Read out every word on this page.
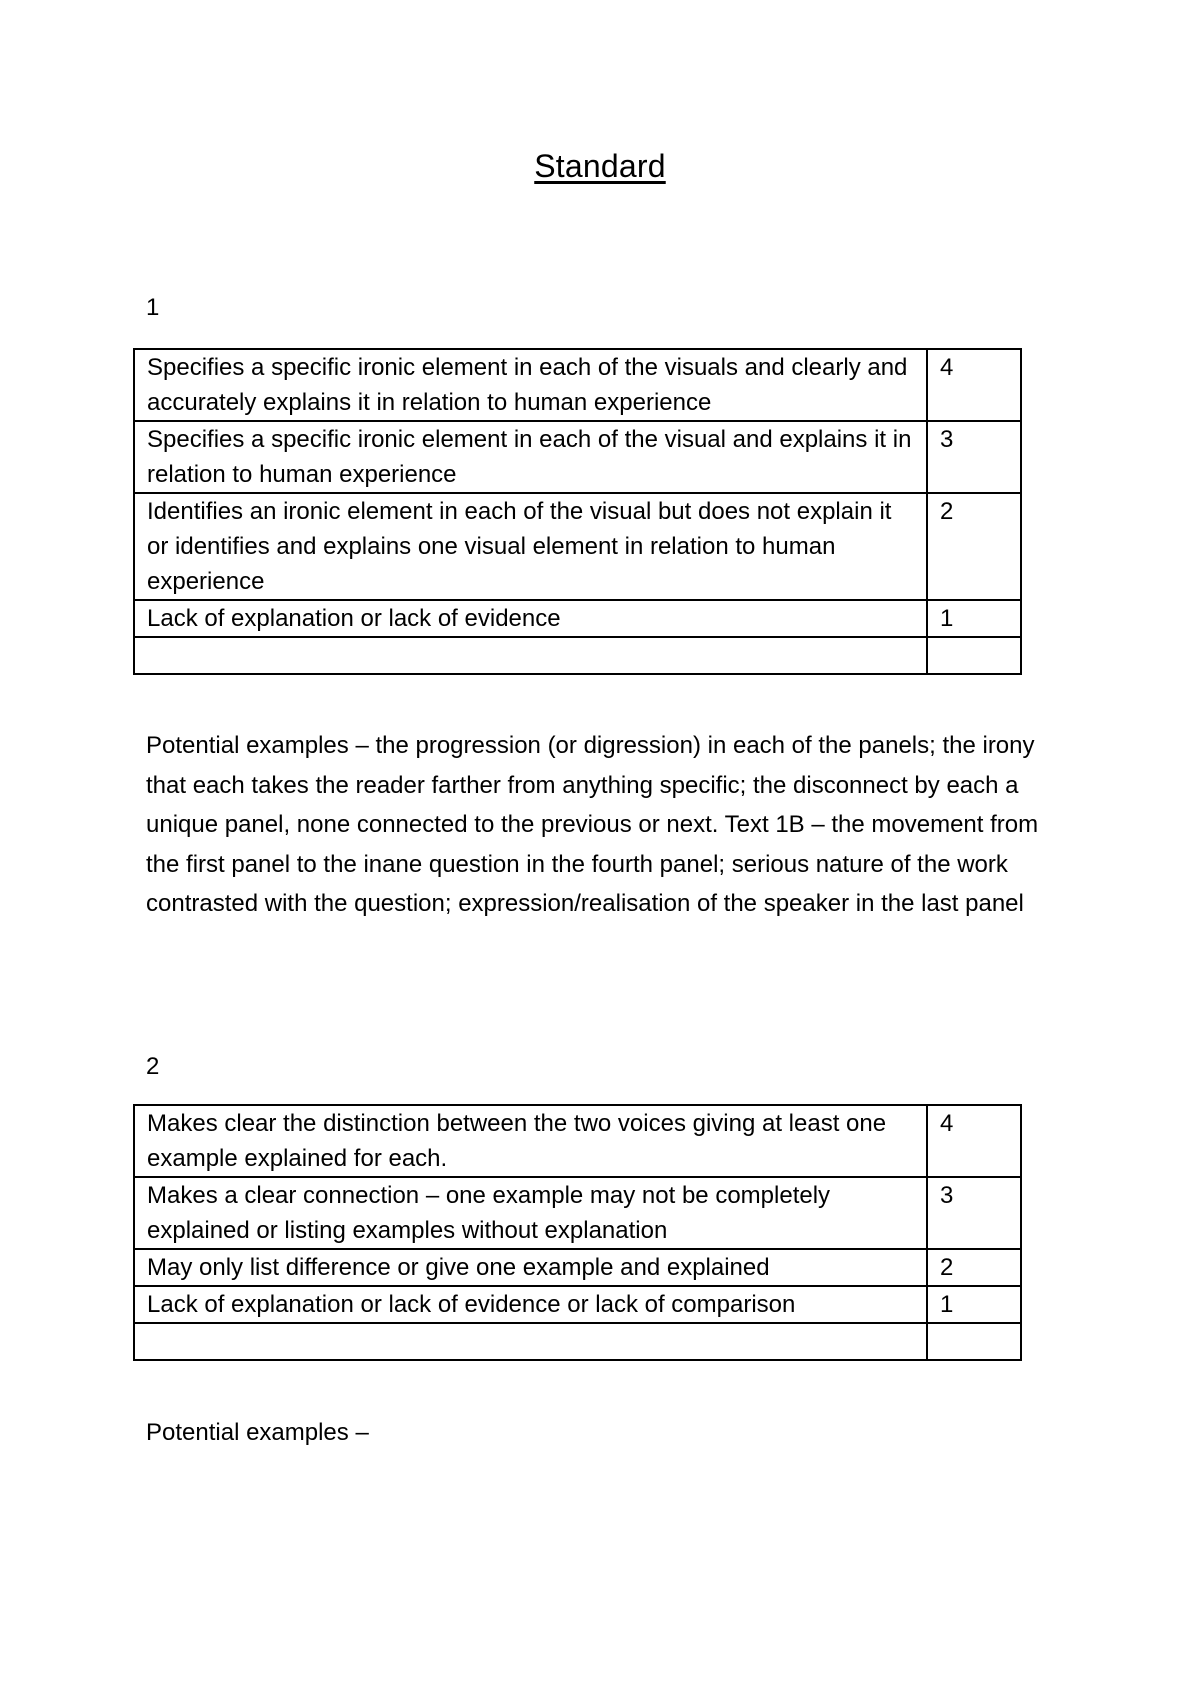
Standard
1
Specifies a specific ironic element in each of the visuals and clearly and accurately explains it in relation to human experience	4
Specifies a specific ironic element in each of the visual and explains it in relation to human experience	3
Identifies an ironic element in each of the visual but does not explain it or identifies and explains one visual element in relation to human experience	2
Lack of explanation or lack of evidence	1

Potential examples – the progression (or digression) in each of the panels; the irony that each takes the reader farther from anything specific; the disconnect by each a unique panel, none connected to the previous or next. Text 1B – the movement from the first panel to the inane question in the fourth panel; serious nature of the work contrasted with the question; expression/realisation of the speaker in the last panel
2
Makes clear the distinction between the two voices giving at least one example explained for each.	4
Makes a clear connection – one example may not be completely explained or listing examples without explanation	3
May only list difference or give one example and explained	2
Lack of explanation or lack of evidence or lack of comparison	1

Potential examples –
